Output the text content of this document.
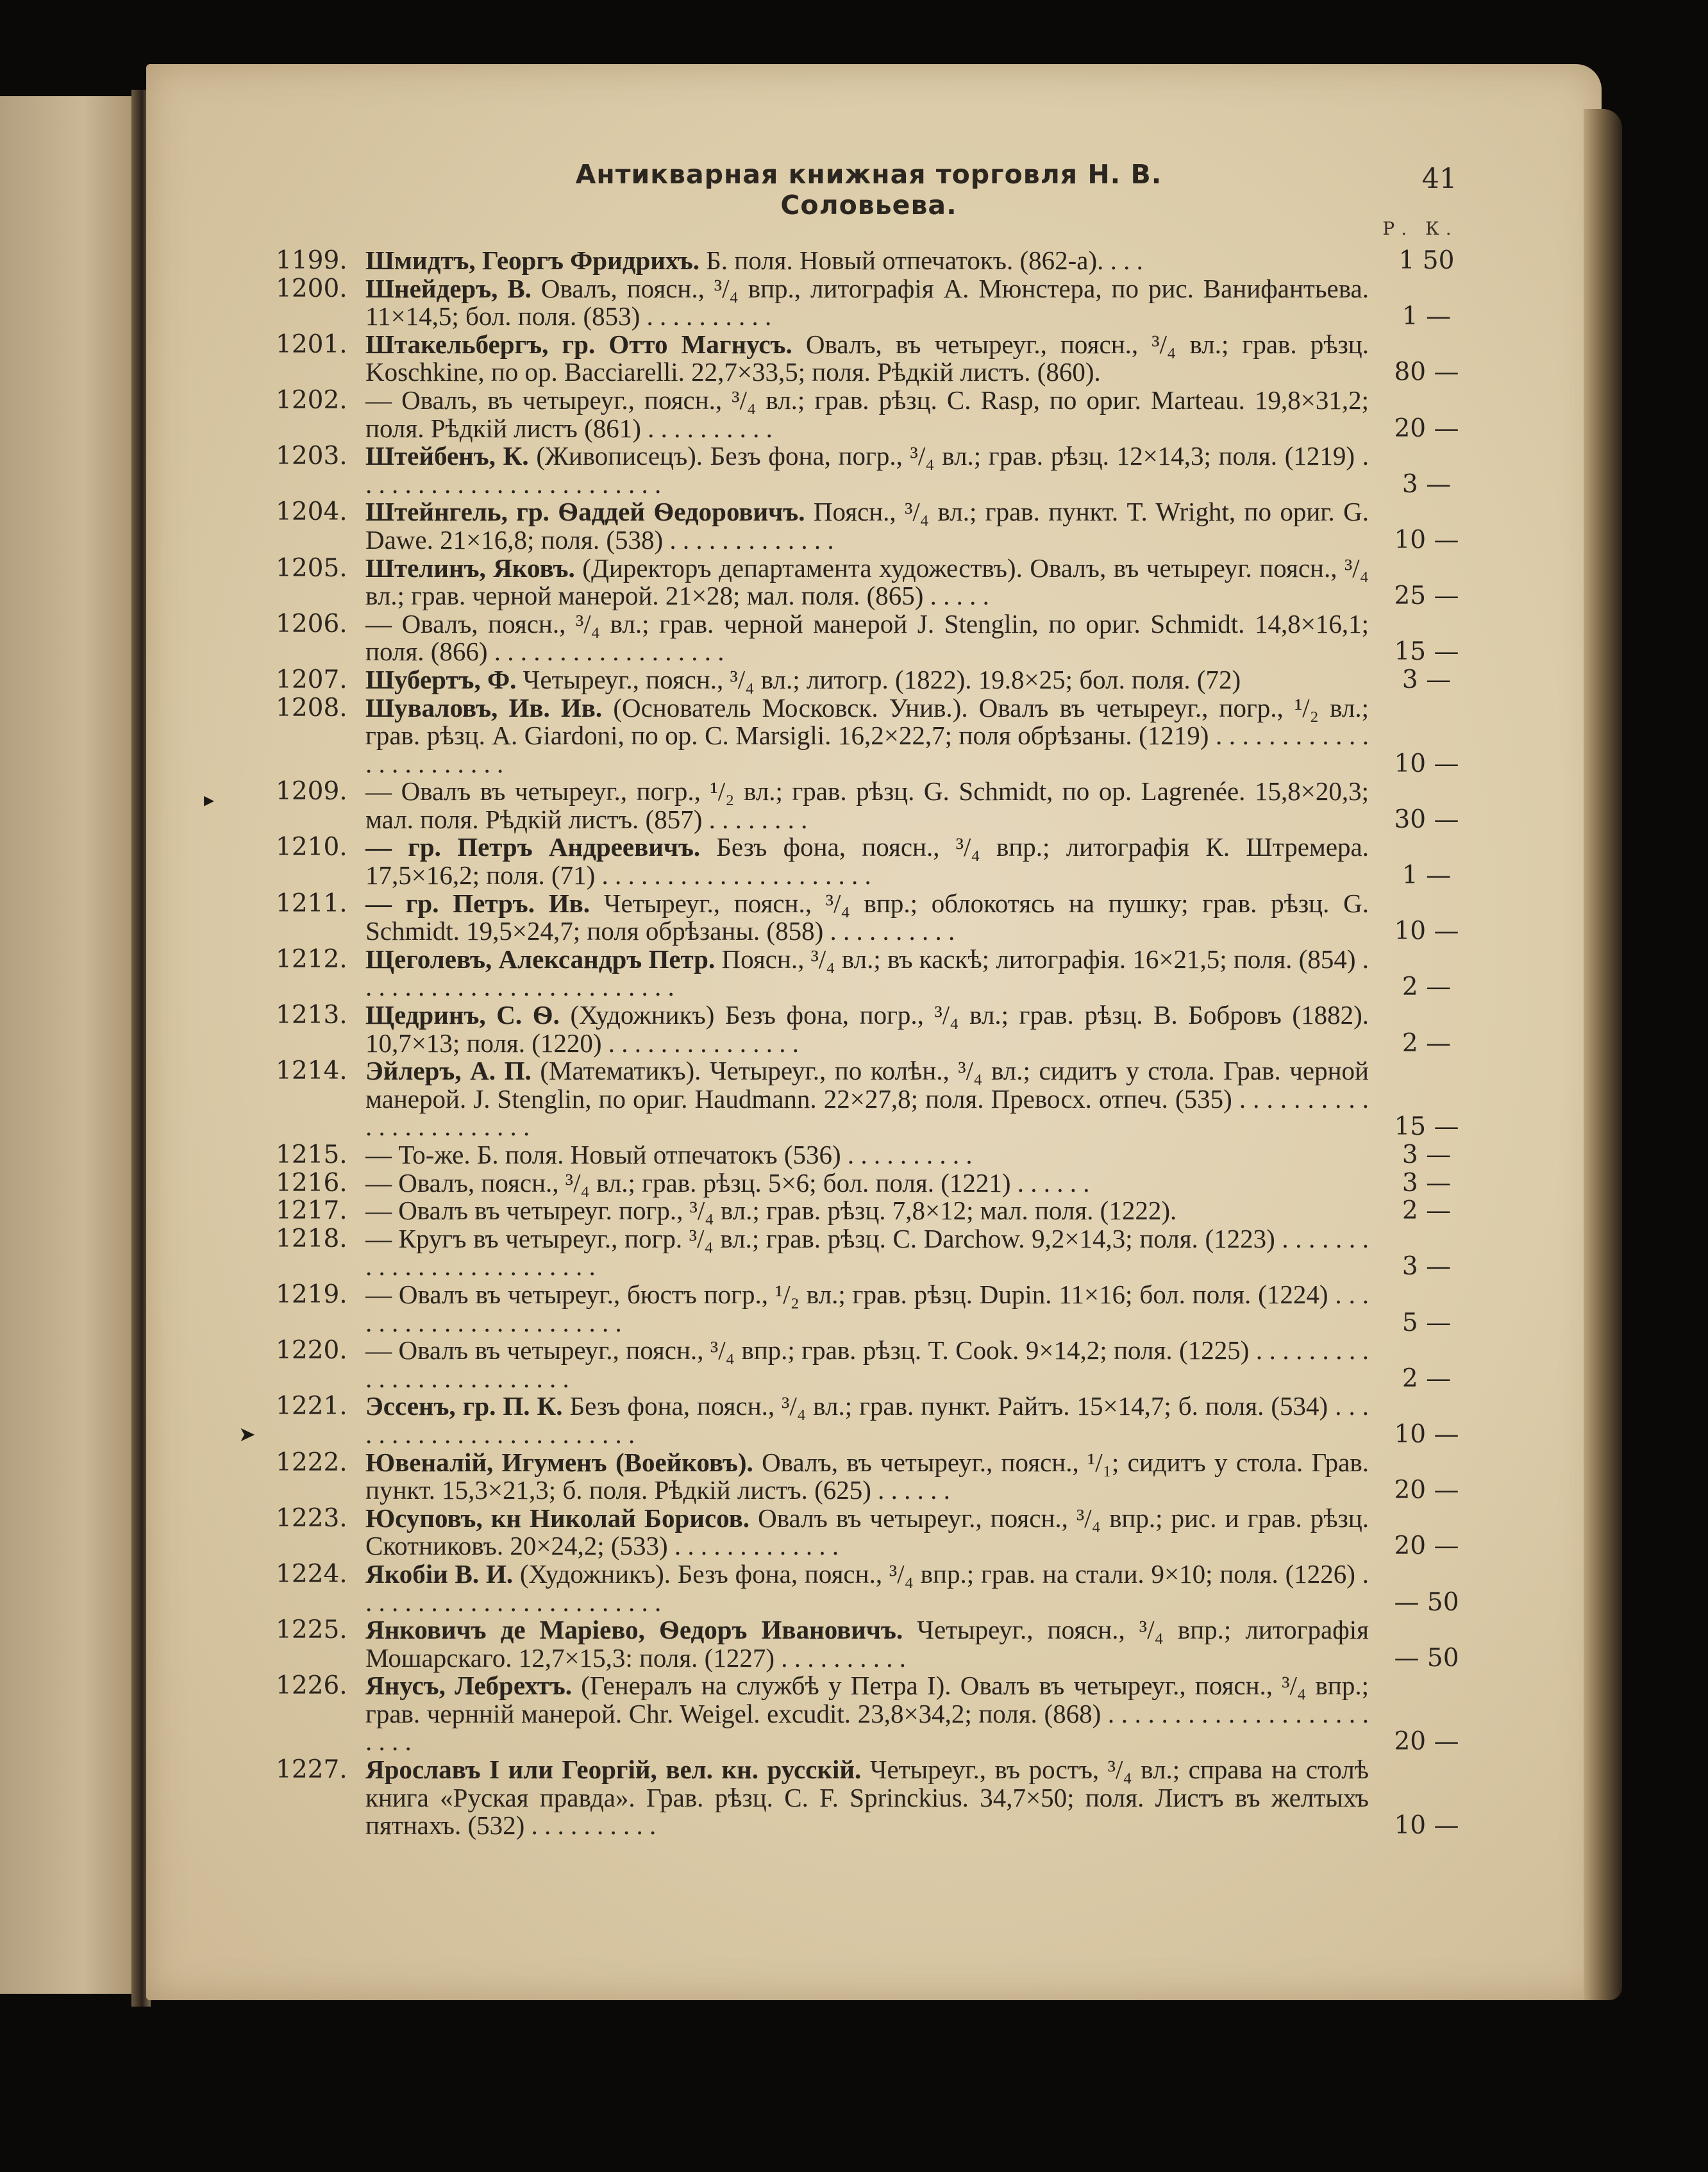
Антикварная книжная торговля Н. В. Соловьева.
41
Р. К.
▸
➤
1199. Шмидтъ, Георгъ Фридрихъ. Б. поля. Новый отпечатокъ. (862-а). . . .	1 50
1200. Шнейдеръ, В. Овалъ, поясн., ³/₄ впр., литографія А. Мюнстера, по рис. Ванифантьева. 11×14,5; бол. поля. (853) . . . . . . . . . .	1 —
1201. Штакельбергъ, гр. Отто Магнусъ. Овалъ, въ четыреуг., поясн., ³/₄ вл.; грав. рѣзц. Koschkine, по ор. Bacciarelli. 22,7×33,5; поля. Рѣдкій листъ. (860).	80 —
1202. — Овалъ, въ четыреуг., поясн., ³/₄ вл.; грав. рѣзц. C. Rasp, по ориг. Marteau. 19,8×31,2; поля. Рѣдкій листъ (861) . . . . . . . . . .	20 —
1203. Штейбенъ, К. (Живописецъ). Безъ фона, погр., ³/₄ вл.; грав. рѣзц. 12×14,3; поля. (1219) . . . . . . . . . . . . . . . . . . . . . . . .	3 —
1204. Штейнгель, гр. Ѳаддей Ѳедоровичъ. Поясн., ³/₄ вл.; грав. пункт. T. Wright, по ориг. G. Dawe. 21×16,8; поля. (538) . . . . . . . . . . . . .	10 —
1205. Штелинъ, Яковъ. (Директоръ департамента художествъ). Овалъ, въ четыреуг. поясн., ³/₄ вл.; грав. черной манерой. 21×28; мал. поля. (865) . . . . .	25 —
1206. — Овалъ, поясн., ³/₄ вл.; грав. черной манерой J. Stenglin, по ориг. Schmidt. 14,8×16,1; поля. (866) . . . . . . . . . . . . . . . . . .	15 —
1207. Шубертъ, Ф. Четыреуг., поясн., ³/₄ вл.; литогр. (1822). 19.8×25; бол. поля. (72)	3 —
1208. Шуваловъ, Ив. Ив. (Основатель Московск. Унив.). Овалъ въ четыреуг., погр., ¹/₂ вл.; грав. рѣзц. A. Giardoni, по ор. C. Marsigli. 16,2×22,7; поля обрѣзаны. (1219) . . . . . . . . . . . . . . . . . . . . . . .	10 —
1209. — Овалъ въ четыреуг., погр., ¹/₂ вл.; грав. рѣзц. G. Schmidt, по ор. Lagrenée. 15,8×20,3; мал. поля. Рѣдкій листъ. (857) . . . . . . . .	30 —
1210. — гр. Петръ Андреевичъ. Безъ фона, поясн., ³/₄ впр.; литографія К. Штремера. 17,5×16,2; поля. (71) . . . . . . . . . . . . . . . . . . . . .	1 —
1211. — гр. Петръ. Ив. Четыреуг., поясн., ³/₄ впр.; облокотясь на пушку; грав. рѣзц. G. Schmidt. 19,5×24,7; поля обрѣзаны. (858) . . . . . . . . . .	10 —
1212. Щеголевъ, Александръ Петр. Поясн., ³/₄ вл.; въ каскѣ; литографія. 16×21,5; поля. (854) . . . . . . . . . . . . . . . . . . . . . . . . .	2 —
1213. Щедринъ, С. Ѳ. (Художникъ) Безъ фона, погр., ³/₄ вл.; грав. рѣзц. В. Бобровъ (1882). 10,7×13; поля. (1220) . . . . . . . . . . . . . . .	2 —
1214. Эйлеръ, А. П. (Математикъ). Четыреуг., по колѣн., ³/₄ вл.; сидитъ у стола. Грав. черной манерой. J. Stenglin, по ориг. Haudmann. 22×27,8; поля. Превосх. отпеч. (535) . . . . . . . . . . . . . . . . . . . . . . .	15 —
1215. — То-же. Б. поля. Новый отпечатокъ (536) . . . . . . . . . .	3 —
1216. — Овалъ, поясн., ³/₄ вл.; грав. рѣзц. 5×6; бол. поля. (1221) . . . . . .	3 —
1217. — Овалъ въ четыреуг. погр., ³/₄ вл.; грав. рѣзц. 7,8×12; мал. поля. (1222).	2 —
1218. — Кругъ въ четыреуг., погр. ³/₄ вл.; грав. рѣзц. C. Darchow. 9,2×14,3; поля. (1223) . . . . . . . . . . . . . . . . . . . . . . . . .	3 —
1219. — Овалъ въ четыреуг., бюстъ погр., ¹/₂ вл.; грав. рѣзц. Dupin. 11×16; бол. поля. (1224) . . . . . . . . . . . . . . . . . . . . . . .	5 —
1220. — Овалъ въ четыреуг., поясн., ³/₄ впр.; грав. рѣзц. T. Cook. 9×14,2; поля. (1225) . . . . . . . . . . . . . . . . . . . . . . . . .	2 —
1221. Эссенъ, гр. П. К. Безъ фона, поясн., ³/₄ вл.; грав. пункт. Райтъ. 15×14,7; б. поля. (534) . . . . . . . . . . . . . . . . . . . . . . . .	10 —
1222. Ювеналій, Игуменъ (Воейковъ). Овалъ, въ четыреуг., поясн., ¹/₁; сидитъ у стола. Грав. пункт. 15,3×21,3; б. поля. Рѣдкій листъ. (625) . . . . . .	20 —
1223. Юсуповъ, кн Николай Борисов. Овалъ въ четыреуг., поясн., ³/₄ впр.; рис. и грав. рѣзц. Скотниковъ. 20×24,2; (533) . . . . . . . . . . . . .	20 —
1224. Якобіи В. И. (Художникъ). Безъ фона, поясн., ³/₄ впр.; грав. на стали. 9×10; поля. (1226) . . . . . . . . . . . . . . . . . . . . . . . .	— 50
1225. Янковичъ де Маріево, Ѳедоръ Ивановичъ. Четыреуг., поясн., ³/₄ впр.; литографія Мошарскаго. 12,7×15,3: поля. (1227) . . . . . . . . . .	— 50
1226. Янусъ, Лебрехтъ. (Генералъ на службѣ у Петра I). Овалъ въ четыреуг., поясн., ³/₄ впр.; грав. чернній манерой. Chr. Weigel. excudit. 23,8×34,2; поля. (868) . . . . . . . . . . . . . . . . . . . . . . . .	20 —
1227. Ярославъ I или Георгій, вел. кн. русскій. Четыреуг., въ ростъ, ³/₄ вл.; справа на столѣ книга «Руская правда». Грав. рѣзц. C. F. Sprinckius. 34,7×50; поля. Листъ въ желтыхъ пятнахъ. (532) . . . . . . . . . .	10 —
